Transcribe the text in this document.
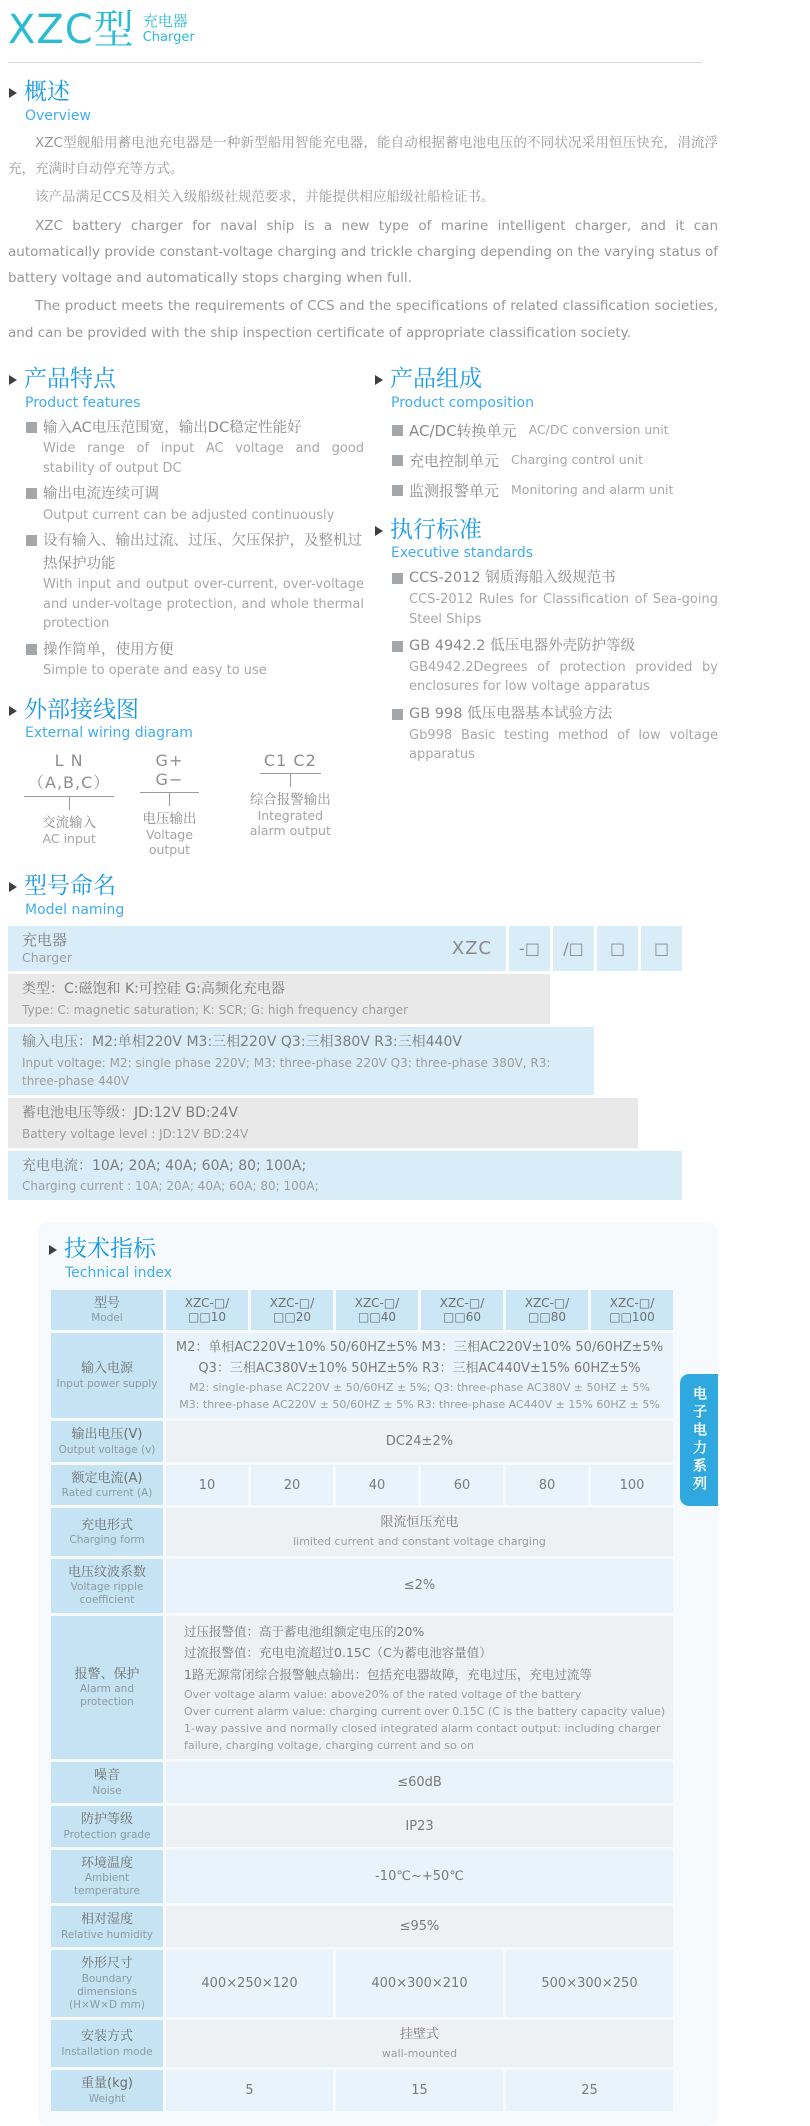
XZC型 充电器
Charger
概述
Overview

XZC型舰船用蓄电池充电器是一种新型船用智能充电器，能自动根据蓄电池电压的不同状况采用恒压快充，涓流浮充，充满时自动停充等方式。

该产品满足CCS及相关入级船级社规范要求，并能提供相应船级社船检证书。

XZC battery charger for naval ship is a new type of marine intelligent charger, and it can automatically provide constant-voltage charging and trickle charging depending on the varying status of battery voltage and automatically stops charging when full.

The product meets the requirements of CCS and the specifications of related classification societies, and can be provided with the ship inspection certificate of appropriate classification society.

产品特点
Product features
输入AC电压范围宽，输出DC稳定性能好
Wide range of input AC voltage and good stability of output DC
输出电流连续可调
Output current can be adjusted continuously
设有输入、输出过流、过压、欠压保护，及整机过热保护功能
With input and output over-current, over-voltage and under-voltage protection, and whole thermal protection
操作简单，使用方便
Simple to operate and easy to use
外部接线图
External wiring diagram
L N（A,B,C）
交流输入
AC input
G+ G−
电压输出
Voltage output
C1 C2
综合报警输出
Integrated alarm output
产品组成
Product composition
AC/DC转换单元 AC/DC conversion unit
充电控制单元 Charging control unit
监测报警单元 Monitoring and alarm unit
执行标准
Executive standards
CCS-2012 钢质海船入级规范书
CCS-2012 Rules for Classification of Sea-going Steel Ships
GB 4942.2 低压电器外壳防护等级
GB4942.2Degrees of protection provided by enclosures for low voltage apparatus
GB 998 低压电器基本试验方法
Gb998 Basic testing method of low voltage apparatus
型号命名
Model naming
充电器
Charger	XZC	-□	/□	□	□
类型：C:磁饱和 K:可控硅 G:高频化充电器
Type: C: magnetic saturation; K: SCR; G: high frequency charger
输入电压：M2:单相220V M3:三相220V Q3:三相380V R3:三相440V
Input voltage: M2: single phase 220V; M3: three-phase 220V Q3: three-phase 380V, R3: three-phase 440V
蓄电池电压等级：JD:12V BD:24V
Battery voltage level : JD:12V BD:24V
充电电流：10A; 20A; 40A; 60A; 80; 100A;
Charging current : 10A; 20A; 40A; 60A; 80; 100A;
技术指标
Technical index
型号
Model	XZC-□/□□10	XZC-□/□□20	XZC-□/□□40	XZC-□/□□60	XZC-□/□□80	XZC-□/□□100

输入电源
Input power supply

M2：单相AC220V±10% 50/60HZ±5% M3：三相AC220V±10% 50/60HZ±5%
Q3：三相AC380V±10% 50HZ±5% R3：三相AC440V±15% 60HZ±5%
M2: single-phase AC220V ± 50/60HZ ± 5%; Q3: three-phase AC380V ± 50HZ ± 5%
M3: three-phase AC220V ± 50/60HZ ± 5% R3: three-phase AC440V ± 15% 60HZ ± 5%

输出电压(V)
Output voltage (v)	DC24±2%					

额定电流(A)
Rated current (A)	10	20	40	60	80	100

充电形式
Charging form

限流恒压充电
limited current and constant voltage charging

电压纹波系数
Voltage ripple coefficient	≤2%					

报警、保护
Alarm and protection

过压报警值：高于蓄电池组额定电压的20%
过流报警值：充电电流超过0.15C（C为蓄电池容量值）
1路无源常闭综合报警触点输出：包括充电器故障，充电过压，充电过流等
Over voltage alarm value: above20% of the rated voltage of the battery
Over current alarm value: charging current over 0.15C (C is the battery capacity value)
1-way passive and normally closed integrated alarm contact output: including charger failure, charging voltage, charging current and so on

噪音
Noise	≤60dB					

防护等级
Protection grade	IP23					

环境温度
Ambient temperature	-10℃~+50℃					

相对湿度
Relative humidity	≤95%					

外形尺寸
Boundary dimensions
(H×W×D mm)	400×250×120		400×300×210		500×300×250	

安装方式
Installation mode

挂壁式
wall-mounted

重量(kg)
Weight	5		15		25	
电子电力系列
